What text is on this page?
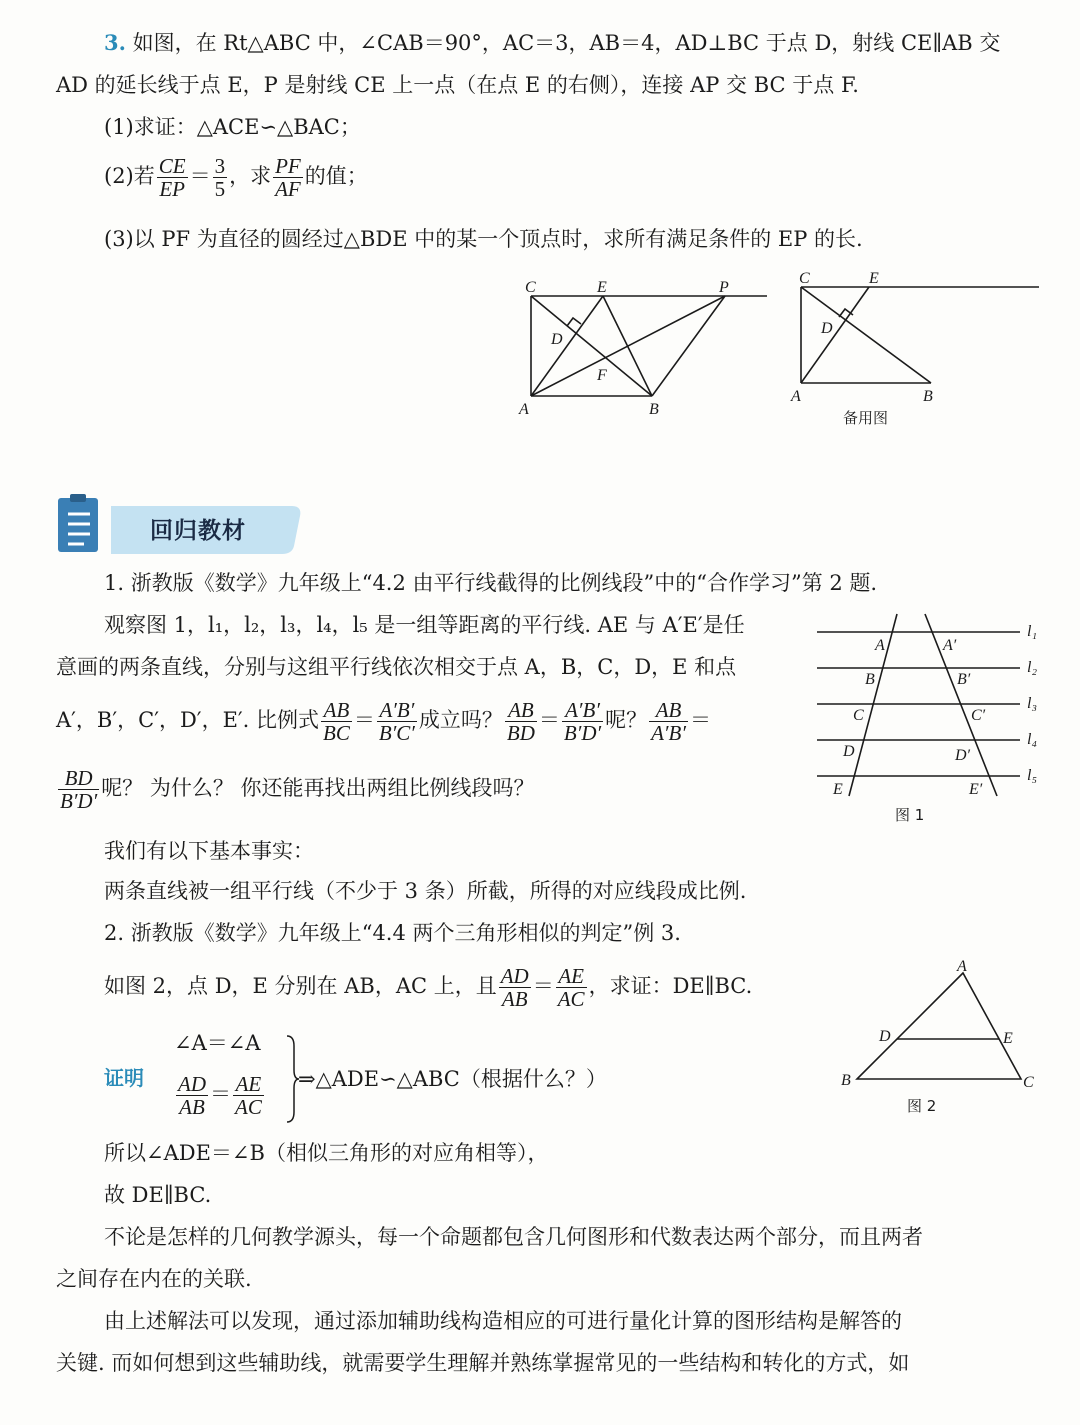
3. 如图，在 Rt△ABC 中，∠CAB＝90°，AC＝3，AB＝4，AD⊥BC 于点 D，射线 CE∥AB 交
AD 的延长线于点 E，P 是射线 CE 上一点（在点 E 的右侧），连接 AP 交 BC 于点 F.
(1)求证：△ACE∽△BAC；
(2)若 $\frac{CE}{EP} = \frac{3}{5}$ ，求 $\frac{PF}{AF}$ 的值；
(3)以 PF 为直径的圆经过△BDE 中的某一个顶点时，求所有满足条件的 EP 的长.
C	E	P
D
F
A	B
C	E
D
A	B
备用图
回归教材
1. 浙教版《数学》九年级上“4.2 由平行线截得的比例线段”中的“合作学习”第 2 题.
观察图 1，l₁，l₂，l₃，l₄，l₅ 是一组等距离的平行线. AE 与 A′E′是任
意画的两条直线，分别与这组平行线依次相交于点 A，B，C，D，E 和点
A′，B′，C′，D′，E′. 比例式 $\frac{AB}{BC} = \frac{A'B'}{B'C'}$ 成立吗？ $\frac{AB}{BD} = \frac{A'B'}{B'D'}$ 呢？ $\frac{AB}{A'B'}$ ＝
$\frac{BD}{B'D'}$ 呢？ 为什么？ 你还能再找出两组比例线段吗？
我们有以下基本事实：
两条直线被一组平行线（不少于 3 条）所截，所得的对应线段成比例.
l₁
l₂
l₃
l₄
l₅
A
B
C
D
E
A′
B′
C′
D′
E′
图 1
2. 浙教版《数学》九年级上“4.4 两个三角形相似的判定”例 3.
如图 2，点 D，E 分别在 AB，AC 上，且 $\frac{AD}{AB} = \frac{AE}{AC}$ ，求证：DE∥BC.
证明
∠A＝∠A
$\frac{AD}{AB} = \frac{AE}{AC}$ ⇒△ADE∽△ABC（根据什么？）
所以∠ADE＝∠B（相似三角形的对应角相等），
故 DE∥BC.
A
D	E
B	C
图 2
不论是怎样的几何教学源头，每一个命题都包含几何图形和代数表达两个部分，而且两者
之间存在内在的关联.
由上述解法可以发现，通过添加辅助线构造相应的可进行量化计算的图形结构是解答的
关键. 而如何想到这些辅助线，就需要学生理解并熟练掌握常见的一些结构和转化的方式，如
